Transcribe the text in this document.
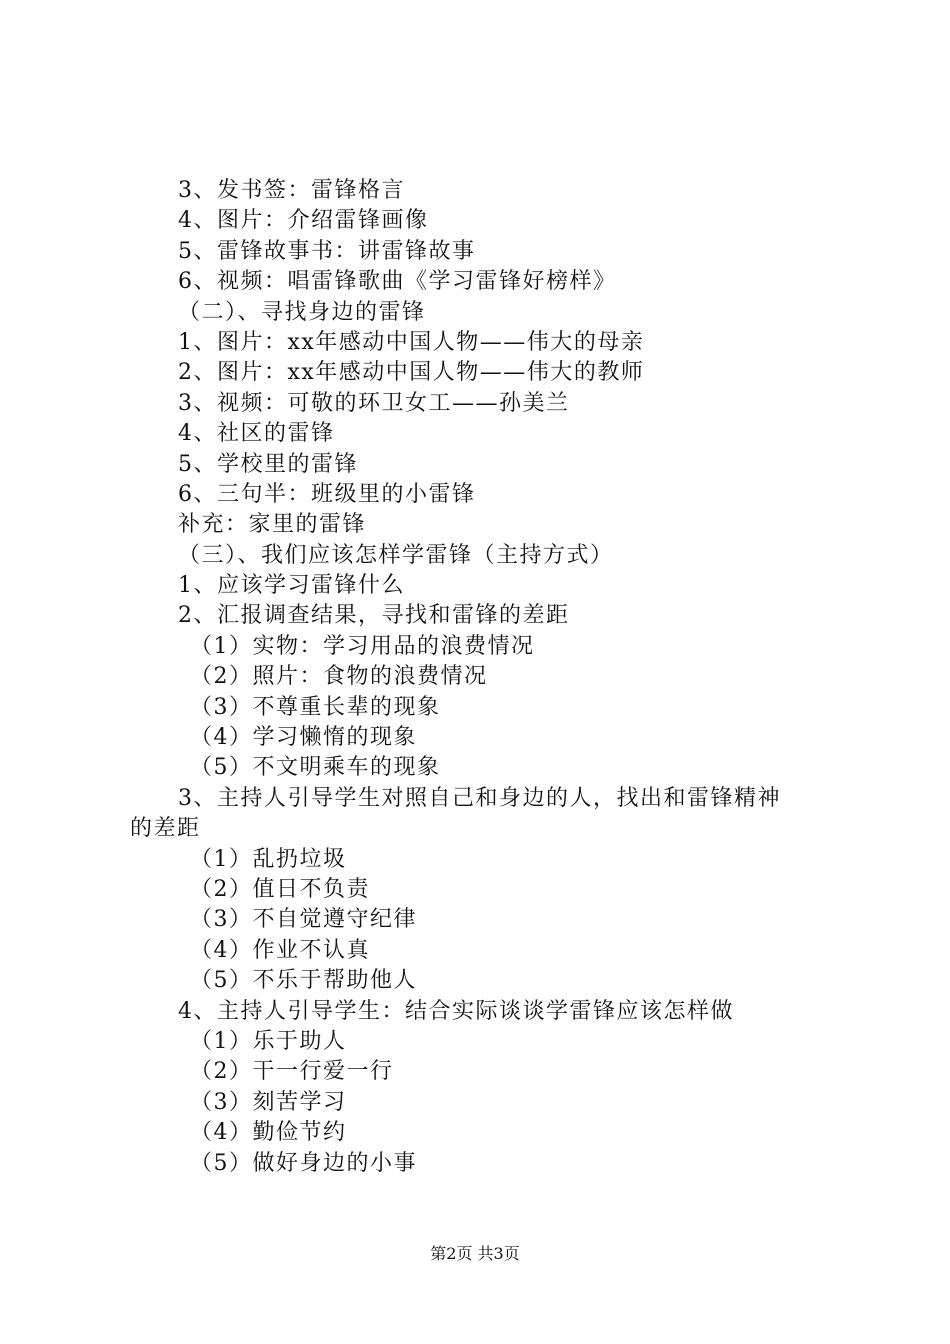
3、发书签：雷锋格言
4、图片：介绍雷锋画像
5、雷锋故事书：讲雷锋故事
6、视频：唱雷锋歌曲《学习雷锋好榜样》
（二）、寻找身边的雷锋
1、图片：xx年感动中国人物——伟大的母亲
2、图片：xx年感动中国人物——伟大的教师
3、视频：可敬的环卫女工——孙美兰
4、社区的雷锋
5、学校里的雷锋
6、三句半：班级里的小雷锋
补充：家里的雷锋
（三）、我们应该怎样学雷锋（主持方式）
1、应该学习雷锋什么
2、汇报调查结果，寻找和雷锋的差距
（1）实物：学习用品的浪费情况
（2）照片：食物的浪费情况
（3）不尊重长辈的现象
（4）学习懒惰的现象
（5）不文明乘车的现象
3、主持人引导学生对照自己和身边的人，找出和雷锋精神
的差距
（1）乱扔垃圾
（2）值日不负责
（3）不自觉遵守纪律
（4）作业不认真
（5）不乐于帮助他人
4、主持人引导学生：结合实际谈谈学雷锋应该怎样做
（1）乐于助人
（2）干一行爱一行
（3）刻苦学习
（4）勤俭节约
（5）做好身边的小事
第2页 共3页
